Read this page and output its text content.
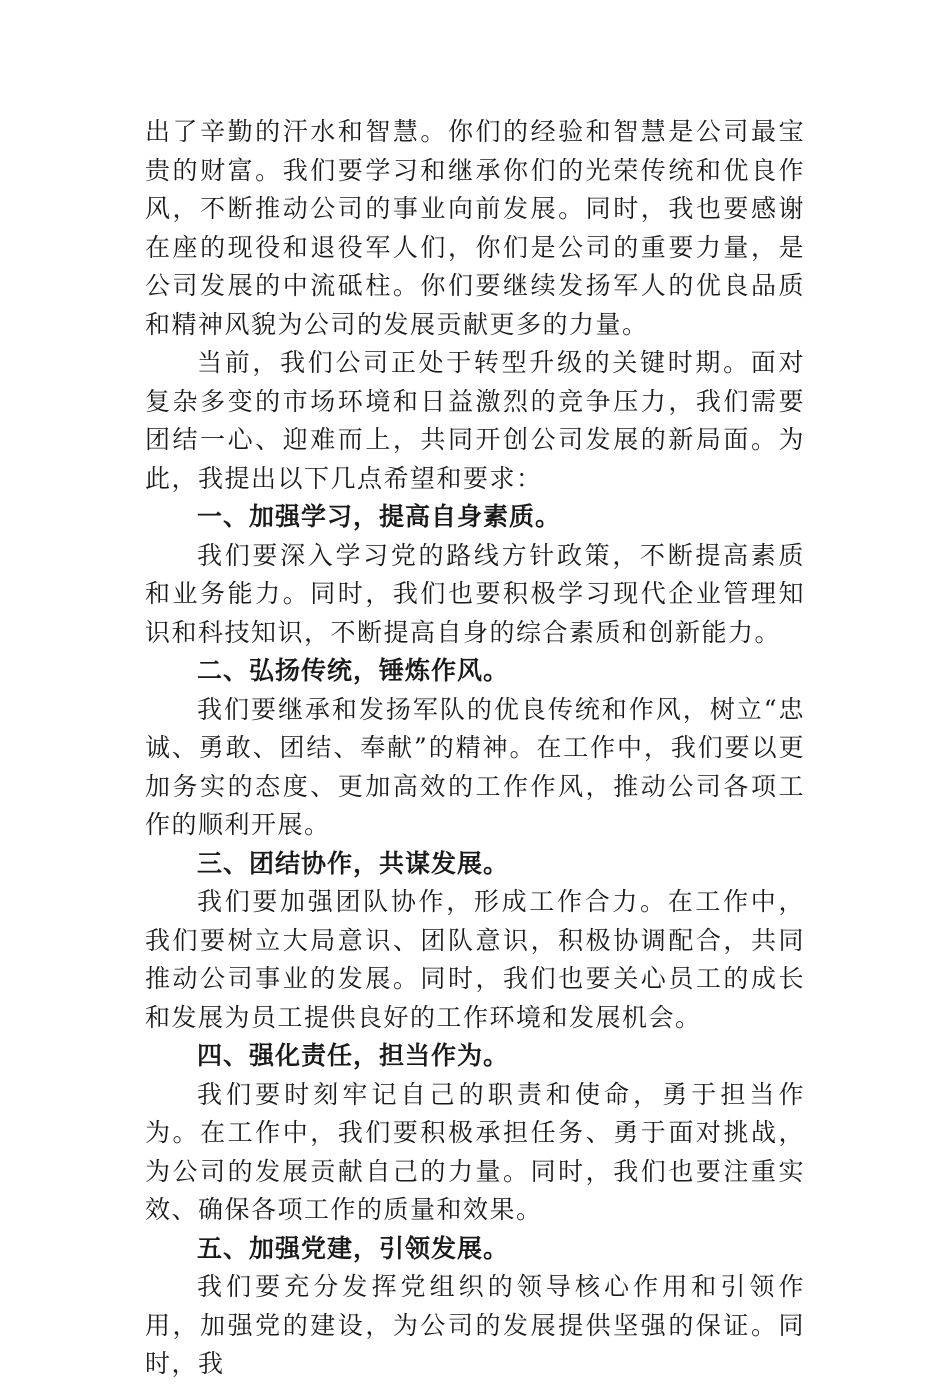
出了辛勤的汗水和智慧。你们的经验和智慧是公司最宝贵的财富。我们要学习和继承你们的光荣传统和优良作风，不断推动公司的事业向前发展。同时，我也要感谢在座的现役和退役军人们，你们是公司的重要力量，是公司发展的中流砥柱。你们要继续发扬军人的优良品质和精神风貌为公司的发展贡献更多的力量。

当前，我们公司正处于转型升级的关键时期。面对复杂多变的市场环境和日益激烈的竞争压力，我们需要团结一心、迎难而上，共同开创公司发展的新局面。为此，我提出以下几点希望和要求：

一、加强学习，提高自身素质。

我们要深入学习党的路线方针政策，不断提高素质和业务能力。同时，我们也要积极学习现代企业管理知识和科技知识，不断提高自身的综合素质和创新能力。

二、弘扬传统，锤炼作风。

我们要继承和发扬军队的优良传统和作风，树立“忠诚、勇敢、团结、奉献”的精神。在工作中，我们要以更加务实的态度、更加高效的工作作风，推动公司各项工作的顺利开展。

三、团结协作，共谋发展。

我们要加强团队协作，形成工作合力。在工作中，我们要树立大局意识、团队意识，积极协调配合，共同推动公司事业的发展。同时，我们也要关心员工的成长和发展为员工提供良好的工作环境和发展机会。

四、强化责任，担当作为。

我们要时刻牢记自己的职责和使命，勇于担当作为。在工作中，我们要积极承担任务、勇于面对挑战，为公司的发展贡献自己的力量。同时，我们也要注重实效、确保各项工作的质量和效果。

五、加强党建，引领发展。

我们要充分发挥党组织的领导核心作用和引领作用，加强党的建设，为公司的发展提供坚强的保证。同时，我
